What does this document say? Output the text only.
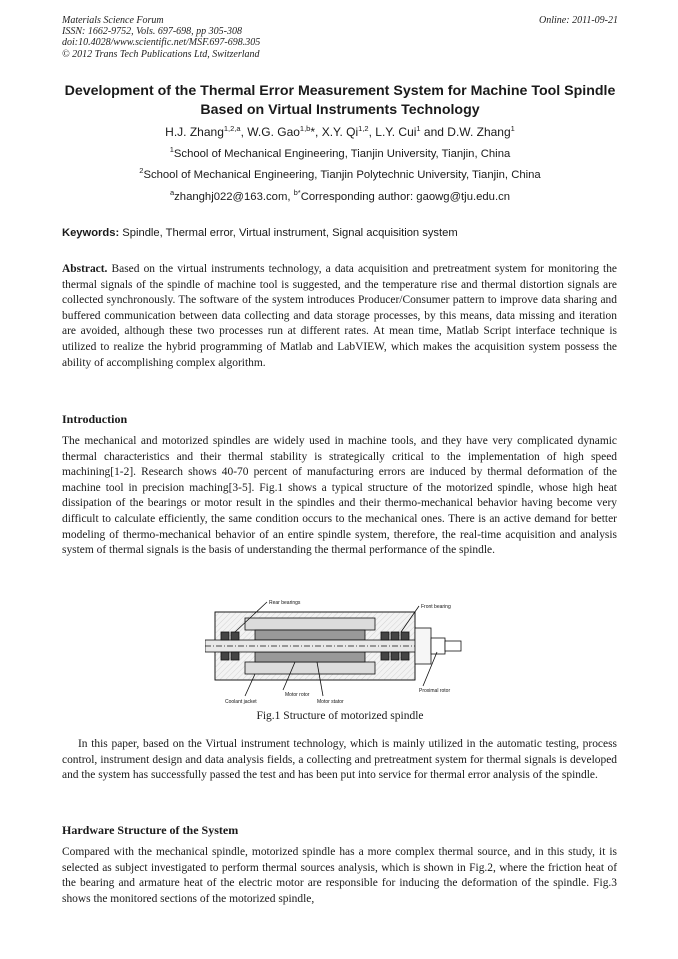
Materials Science Forum
ISSN: 1662-9752, Vols. 697-698, pp 305-308
doi:10.4028/www.scientific.net/MSF.697-698.305
© 2012 Trans Tech Publications Ltd, Switzerland
Online: 2011-09-21
Development of the Thermal Error Measurement System for Machine Tool Spindle Based on Virtual Instruments Technology
H.J. Zhang$^{1,2,a}$, W.G. Gao$^{1,b}$*, X.Y. Qi$^{1,2}$, L.Y. Cui$^1$ and D.W. Zhang$^1$
$^1$School of Mechanical Engineering, Tianjin University, Tianjin, China
$^2$School of Mechanical Engineering, Tianjin Polytechnic University, Tianjin, China
$^a$zhanghj022@163.com, $^{b*}$Corresponding author: gaowg@tju.edu.cn
Keywords: Spindle, Thermal error, Virtual instrument, Signal acquisition system

Abstract. Based on the virtual instruments technology, a data acquisition and pretreatment system for monitoring the thermal signals of the spindle of machine tool is suggested, and the temperature rise and thermal distortion signals are collected synchronously. The software of the system introduces Producer/Consumer pattern to improve data sharing and buffered communication between data collecting and data storage processes, by this means, data missing and iteration are avoided, although these two processes run at different rates. At mean time, Matlab Script interface technique is utilized to realize the hybrid programming of Matlab and LabVIEW, which makes the acquisition system possess the ability of accomplishing complex algorithm.

Introduction

The mechanical and motorized spindles are widely used in machine tools, and they have very complicated dynamic thermal characteristics and their thermal stability is strategically critical to the implementation of high speed machining[1-2]. Research shows 40-70 percent of manufacturing errors are induced by thermal deformation of the machine tool in precision maching[3-5]. Fig.1 shows a typical structure of the motorized spindle, whose high heat dissipation of the bearings or motor result in the spindles and their thermo-mechanical behavior having become very difficult to calculate efficiently, the same condition occurs to the mechanical ones. There is an active demand for better modeling of thermo-mechanical behavior of an entire spindle system, therefore, the real-time acquisition and analysis system of thermal signals is the basis of understanding the thermal performance of the spindle.

Rear bearings
Front bearing
Motor rotor
Coolant jacket	Motor stator
Proximal rotor
Fig.1 Structure of motorized spindle

In this paper, based on the Virtual instrument technology, which is mainly utilized in the automatic testing, process control, instrument design and data analysis fields, a collecting and pretreatment system for thermal signals is developed and the system has successfully passed the test and has been put into service for thermal error analysis of the spindle.

Hardware Structure of the System

Compared with the mechanical spindle, motorized spindle has a more complex thermal source, and in this study, it is selected as subject investigated to perform thermal sources analysis, which is shown in Fig.2, where the friction heat of the bearing and armature heat of the electric motor are responsible for inducing the deformation of the spindle. Fig.3 shows the monitored sections of the motorized spindle,
